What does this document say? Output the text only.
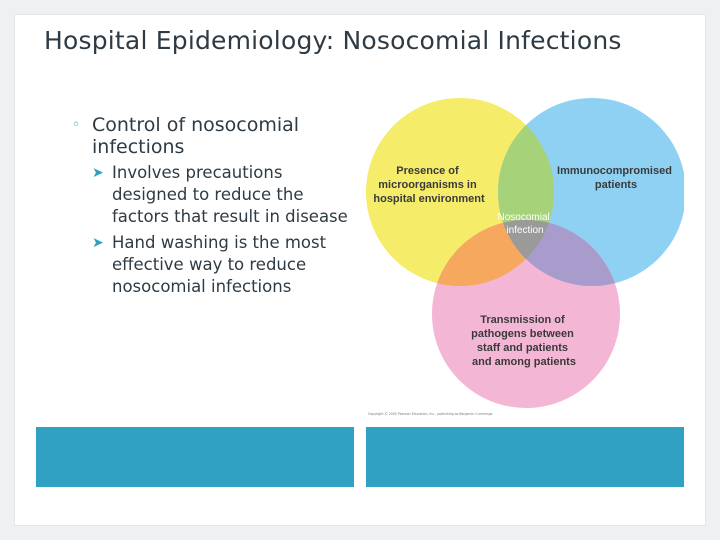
Hospital Epidemiology: Nosocomial Infections
◦ Control of nosocomial infections
➤ Involves precautions designed to reduce the factors that result in disease
➤ Hand washing is the most effective way to reduce nosocomial infections
Presence of microorganisms in hospital environment
Immunocompromised patients
Nosocomial infection
Transmission of pathogens between staff and patients and among patients
Copyright © 2005 Pearson Education, Inc., publishing as Benjamin Cummings
